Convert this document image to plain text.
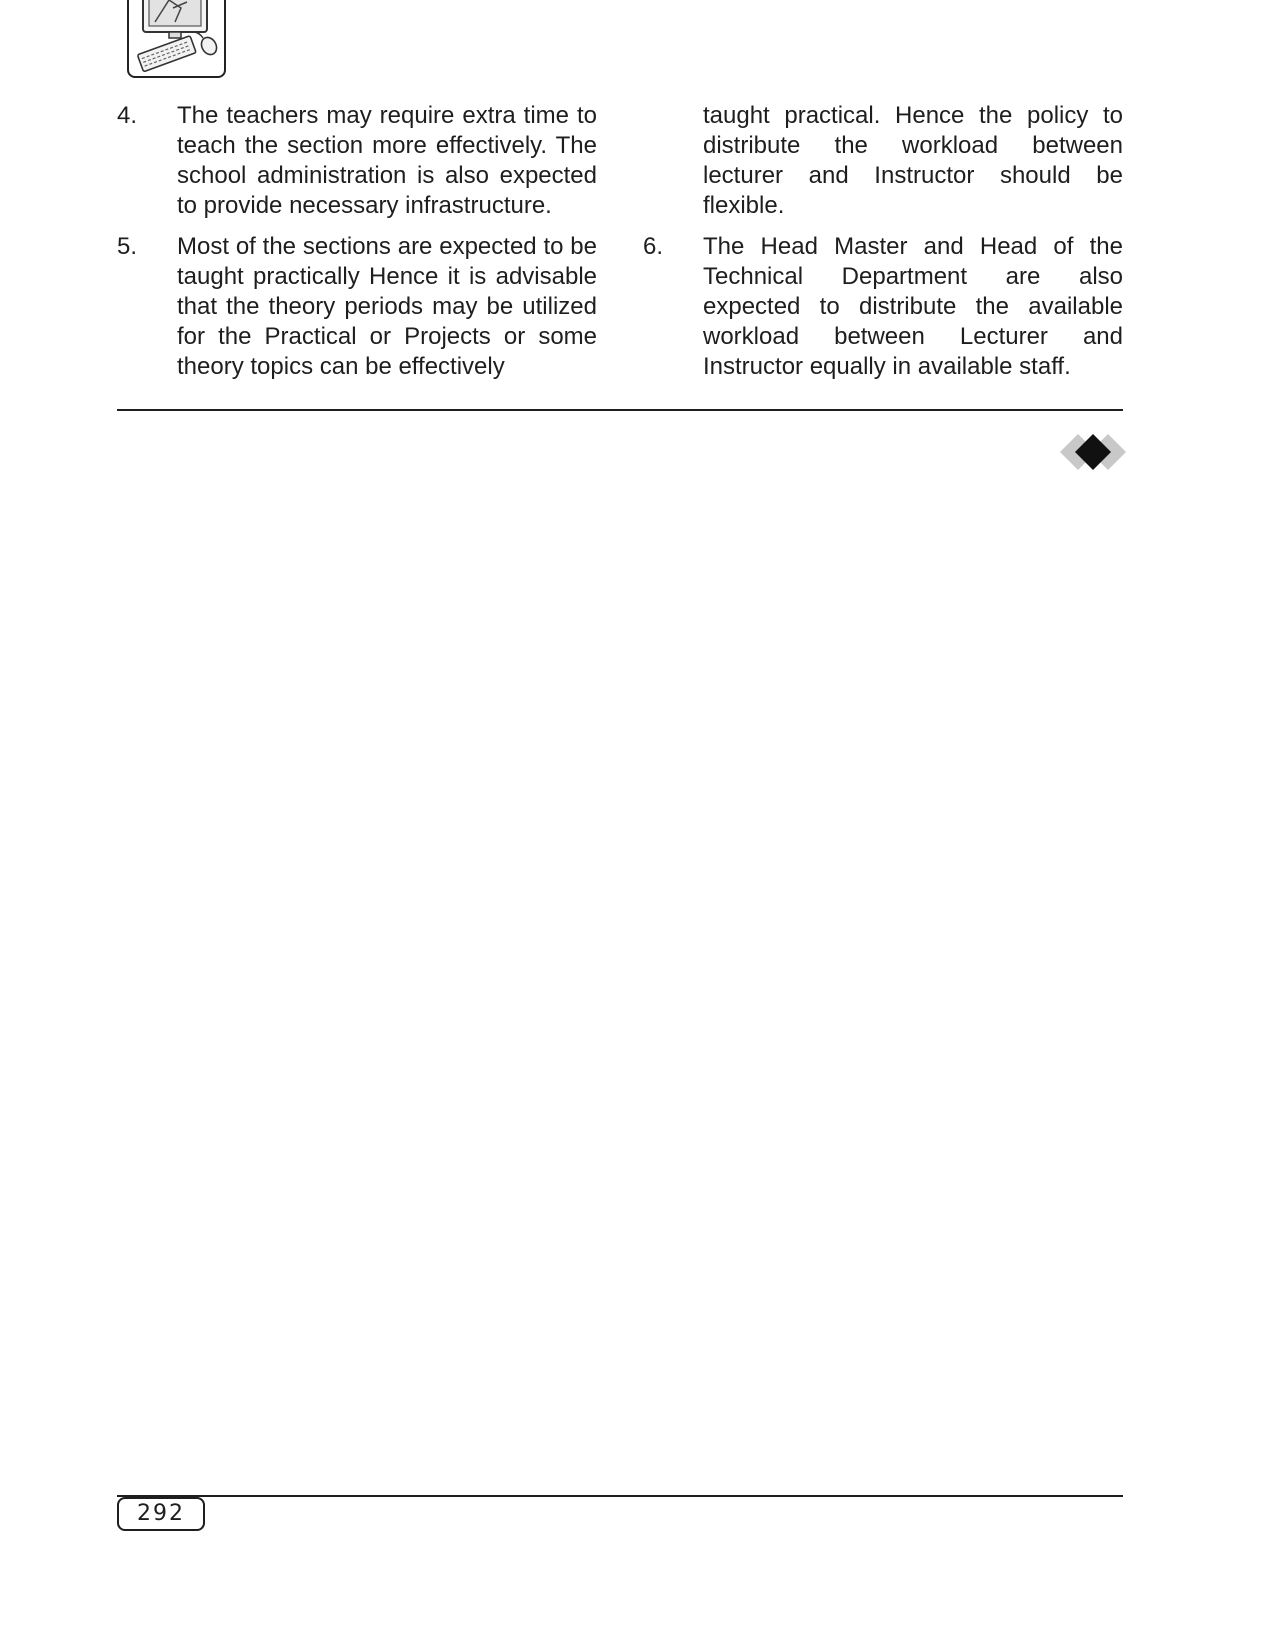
4. The teachers may require extra time to teach the section more effectively. The school administration is also expected to provide necessary infrastructure.
5. Most of the sections are expected to be taught practically Hence it is advisable that the theory periods may be utilized for the Practical or Projects or some theory topics can be effectively
taught practical. Hence the policy to distribute the workload between lecturer and Instructor should be flexible.
6. The Head Master and Head of the Technical Department are also expected to distribute the available workload between Lecturer and Instructor equally in available staff.
292
